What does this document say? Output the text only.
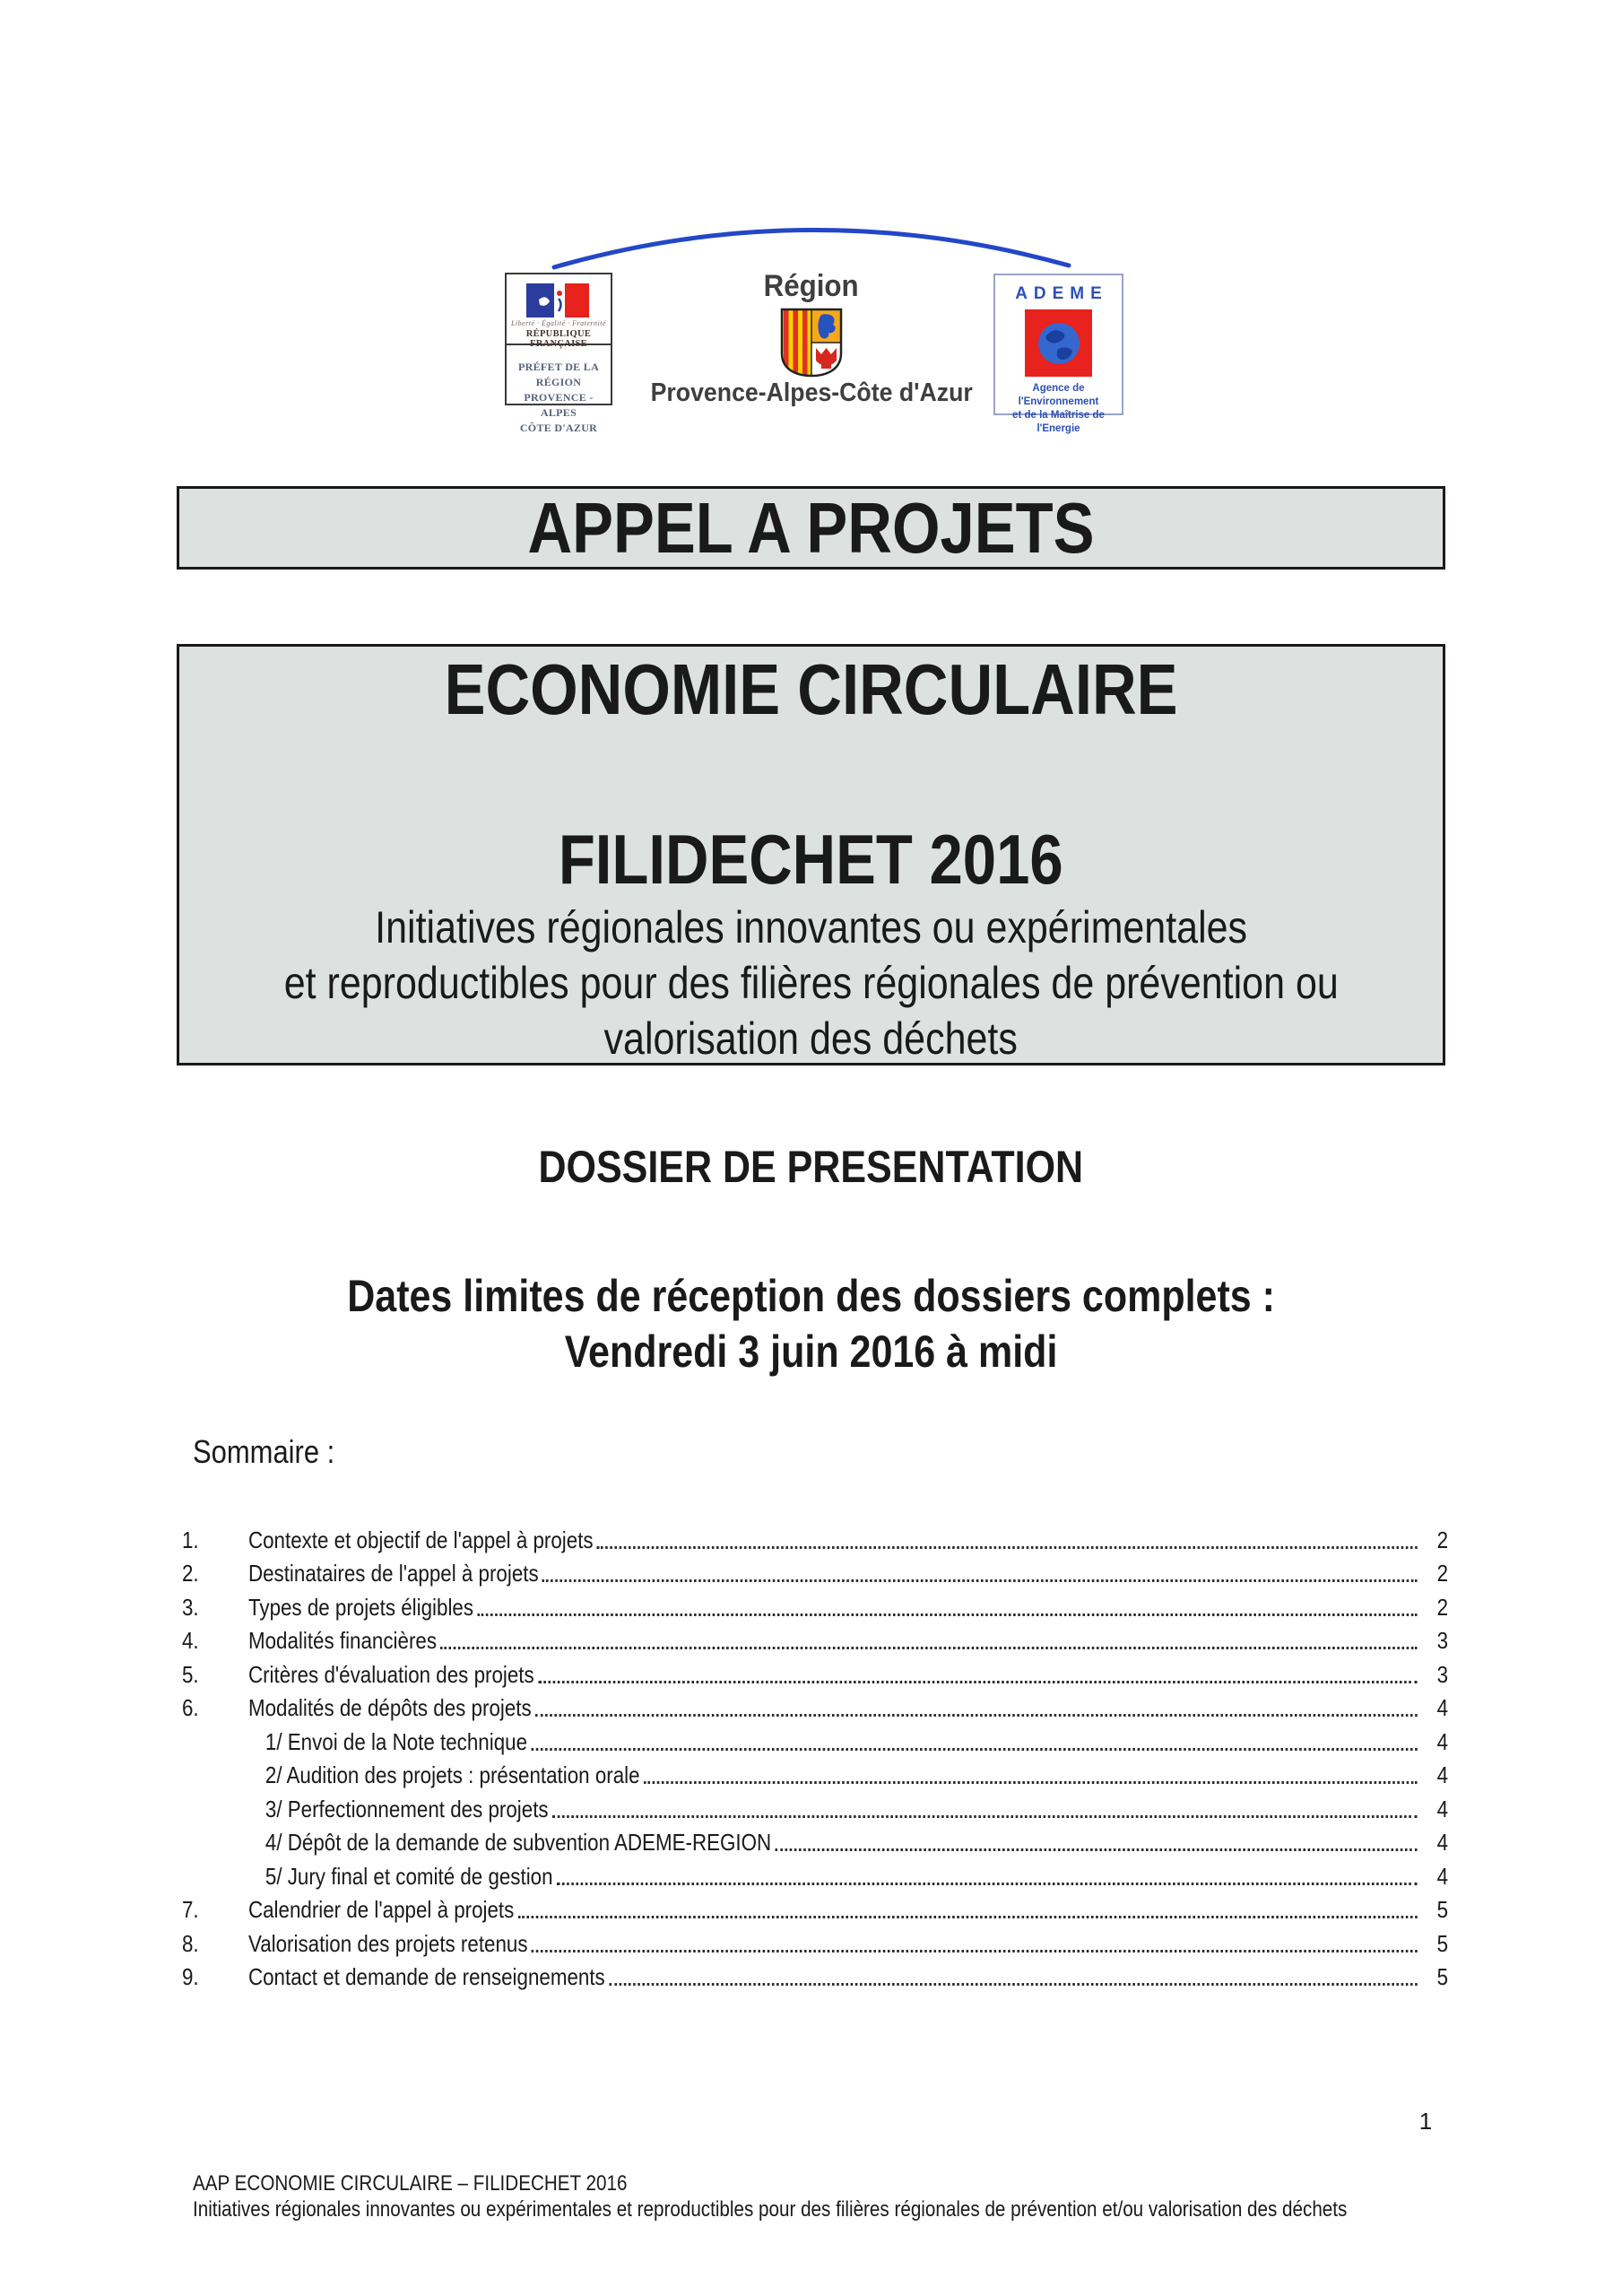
Liberté · Égalité · Fraternité
RÉPUBLIQUE FRANÇAISE
PRÉFET DE LA RÉGION
PROVENCE - ALPES
CÔTE D'AZUR
Région
Provence-Alpes-Côte d'Azur
ADEME
Agence de l'Environnement
et de la Maîtrise de l'Energie
APPEL A PROJETS
ECONOMIE CIRCULAIRE
FILIDECHET 2016
Initiatives régionales innovantes ou expérimentales
et reproductibles pour des filières régionales de prévention ou
valorisation des déchets
DOSSIER DE PRESENTATION
Dates limites de réception des dossiers complets :
Vendredi 3 juin 2016 à midi
Sommaire :
1.	Contexte et objectif de l'appel à projets	2
2.	Destinataires de l'appel à projets	2
3.	Types de projets éligibles	2
4.	Modalités financières	3
5.	Critères d'évaluation des projets	3
6.	Modalités de dépôts des projets	4
1/ Envoi de la Note technique	4
2/ Audition des projets : présentation orale	4
3/ Perfectionnement des projets	4
4/ Dépôt de la demande de subvention ADEME-REGION	4
5/ Jury final et comité de gestion	4
7.	Calendrier de l'appel à projets	5
8.	Valorisation des projets retenus	5
9.	Contact et demande de renseignements	5
1
AAP ECONOMIE CIRCULAIRE – FILIDECHET 2016
Initiatives régionales innovantes ou expérimentales et reproductibles pour des filières régionales de prévention et/ou valorisation des déchets
